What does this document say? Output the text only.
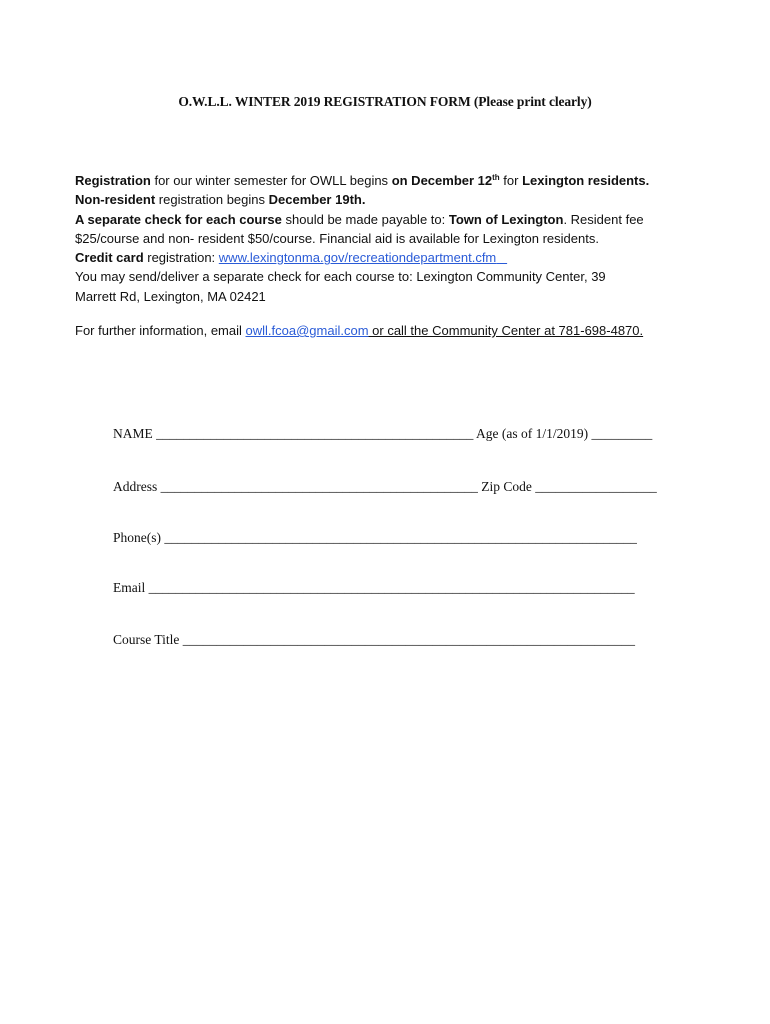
O.W.L.L. WINTER 2019 REGISTRATION FORM (Please print clearly)
Registration for our winter semester for OWLL begins on December 12th for Lexington residents.
Non-resident registration begins December 19th.
A separate check for each course should be made payable to: Town of Lexington. Resident fee
$25/course and non- resident $50/course. Financial aid is available for Lexington residents.
Credit card registration: www.lexingtonma.gov/recreationdepartment.cfm
You may send/deliver a separate check for each course to: Lexington Community Center, 39
Marrett Rd, Lexington, MA 02421
For further information, email owll.fcoa@gmail.com or call the Community Center at 781-698-4870.
NAME _______________________________________________ Age (as of 1/1/2019) _________
Address _______________________________________________ Zip Code __________________
Phone(s) ______________________________________________________________________
Email ________________________________________________________________________
Course Title ___________________________________________________________________
